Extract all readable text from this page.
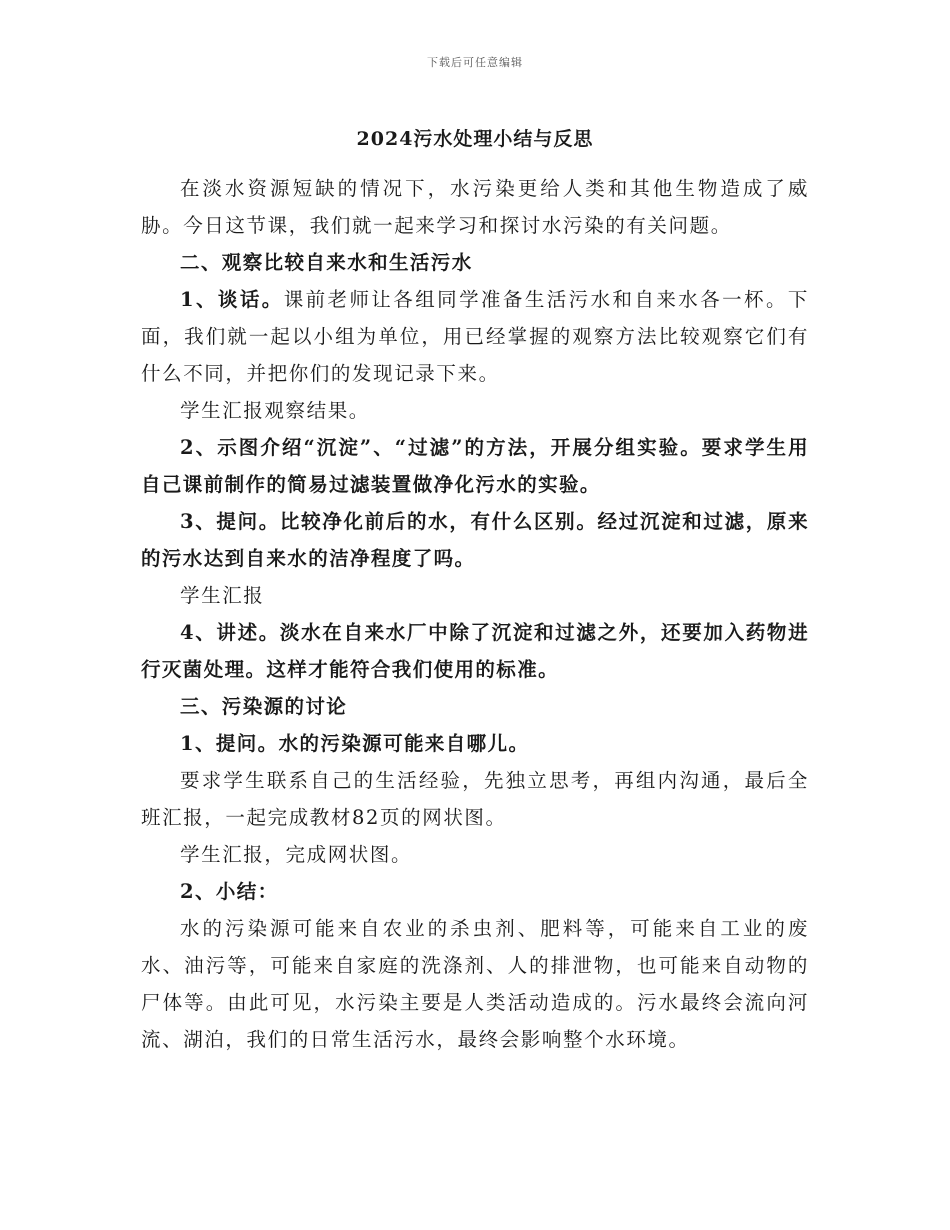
下载后可任意编辑
2024污水处理小结与反思

在淡水资源短缺的情况下，水污染更给人类和其他生物造成了威胁。今日这节课，我们就一起来学习和探讨水污染的有关问题。

二、观察比较自来水和生活污水

1、谈话。课前老师让各组同学准备生活污水和自来水各一杯。下面，我们就一起以小组为单位，用已经掌握的观察方法比较观察它们有什么不同，并把你们的发现记录下来。

学生汇报观察结果。

2、示图介绍“沉淀”、“过滤”的方法，开展分组实验。要求学生用自己课前制作的简易过滤装置做净化污水的实验。

3、提问。比较净化前后的水，有什么区别。经过沉淀和过滤，原来的污水达到自来水的洁净程度了吗。

学生汇报

4、讲述。淡水在自来水厂中除了沉淀和过滤之外，还要加入药物进行灭菌处理。这样才能符合我们使用的标准。

三、污染源的讨论

1、提问。水的污染源可能来自哪儿。

要求学生联系自己的生活经验，先独立思考，再组内沟通，最后全班汇报，一起完成教材82页的网状图。

学生汇报，完成网状图。

2、小结：

水的污染源可能来自农业的杀虫剂、肥料等，可能来自工业的废水、油污等，可能来自家庭的洗涤剂、人的排泄物，也可能来自动物的尸体等。由此可见，水污染主要是人类活动造成的。污水最终会流向河流、湖泊，我们的日常生活污水，最终会影响整个水环境。
